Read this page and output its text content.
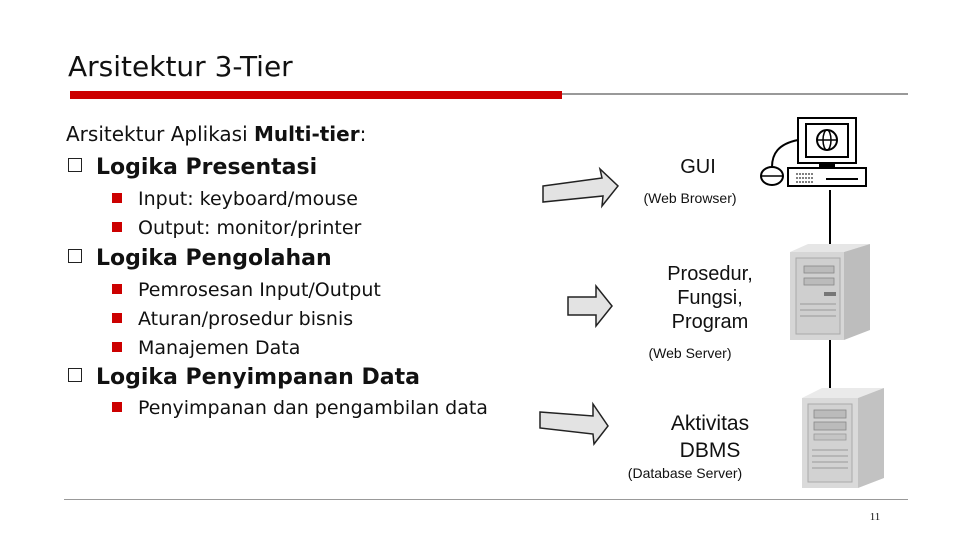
Arsitektur 3-Tier
Arsitektur Aplikasi Multi-tier:
Logika Presentasi
Input: keyboard/mouse
Output: monitor/printer
Logika Pengolahan
Pemrosesan Input/Output
Aturan/prosedur bisnis
Manajemen Data
Logika Penyimpanan Data
Penyimpanan dan pengambilan data
GUI
(Web Browser)
Prosedur,
Fungsi,
Program
(Web Server)
Aktivitas
DBMS
(Database Server)
11
